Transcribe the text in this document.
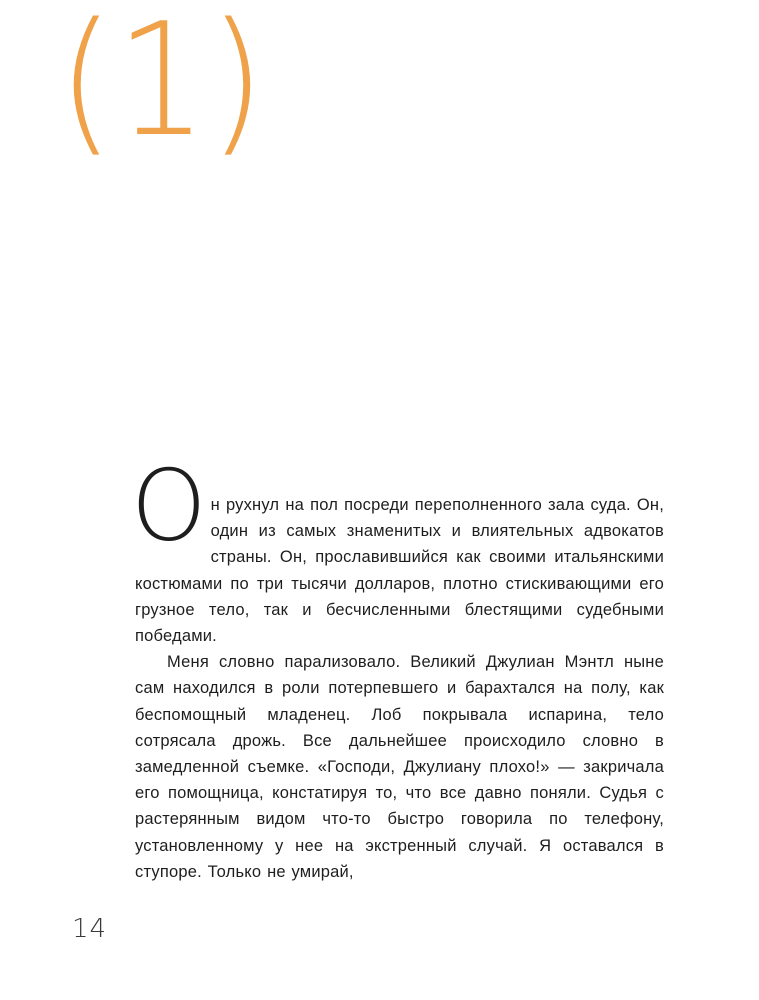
(1)
О н рухнул на пол посреди переполненного зала суда. Он, один из самых знаменитых и влиятельных адвокатов страны. Он, прославившийся как своими итальянскими костюмами по три тысячи долларов, плотно стискивающими его грузное тело, так и бесчисленными блестящими судебными победами.

Меня словно парализовало. Великий Джулиан Мэнтл ныне сам находился в роли потерпевшего и барахтался на полу, как беспомощный младенец. Лоб покрывала испарина, тело сотрясала дрожь. Все дальнейшее происходило словно в замедленной съемке. «Господи, Джулиану плохо!» — закричала его помощница, констатируя то, что все давно поняли. Судья с растерянным видом что-то быстро говорила по телефону, установленному у нее на экстренный случай. Я оставался в ступоре. Только не умирай,

14
